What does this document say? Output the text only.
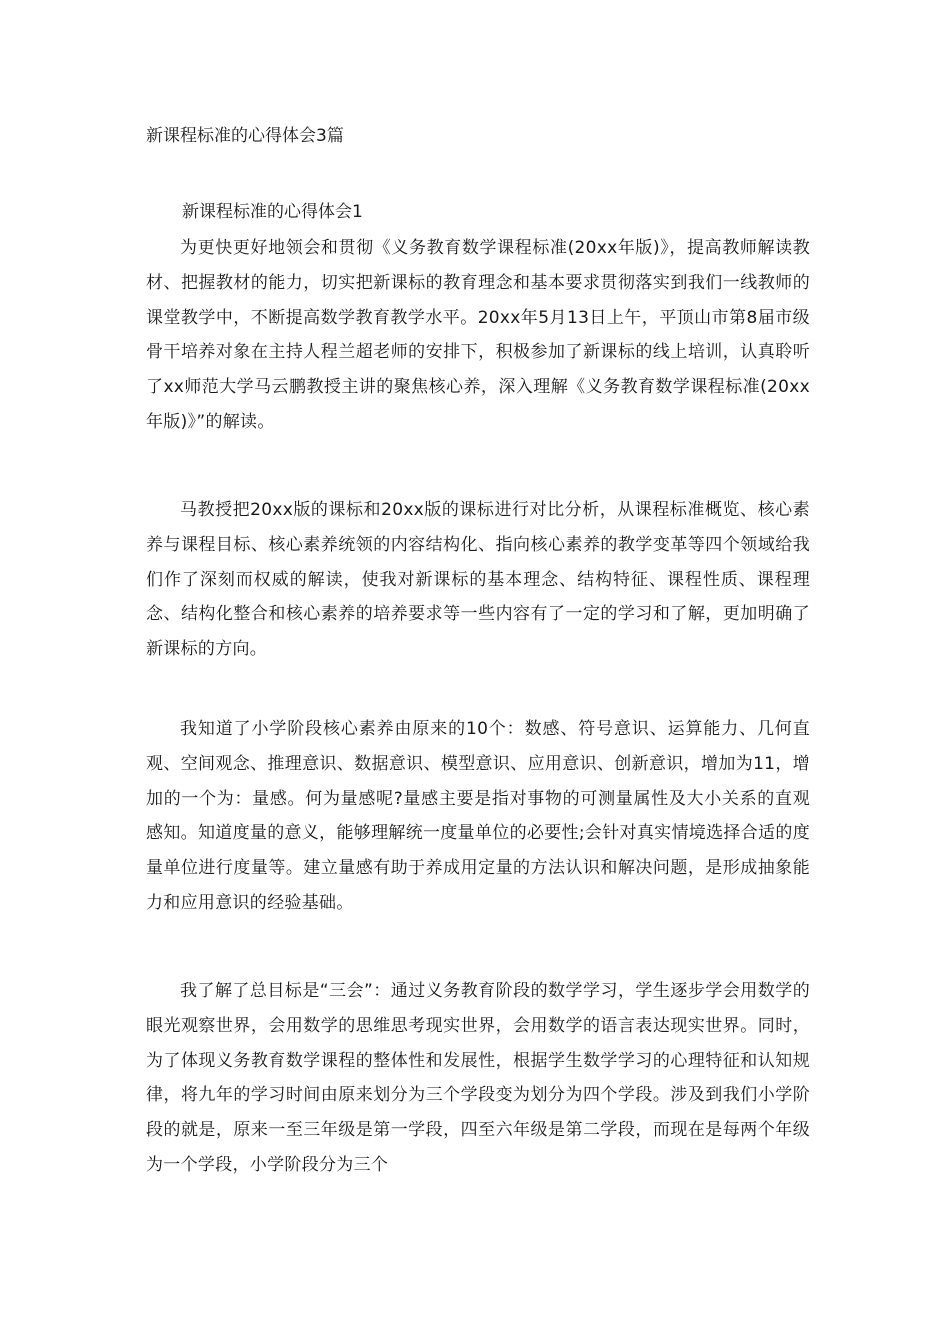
新课程标准的心得体会3篇
新课程标准的心得体会1

为更快更好地领会和贯彻《义务教育数学课程标准(20xx年版)》，提高教师解读教材、把握教材的能力，切实把新课标的教育理念和基本要求贯彻落实到我们一线教师的课堂教学中，不断提高数学教育教学水平。20xx年5月13日上午，平顶山市第8届市级骨干培养对象在主持人程兰超老师的安排下，积极参加了新课标的线上培训，认真聆听了xx师范大学马云鹏教授主讲的聚焦核心养，深入理解《义务教育数学课程标准(20xx年版)》”的解读。

马教授把20xx版的课标和20xx版的课标进行对比分析，从课程标准概览、核心素养与课程目标、核心素养统领的内容结构化、指向核心素养的教学变革等四个领域给我们作了深刻而权威的解读，使我对新课标的基本理念、结构特征、课程性质、课程理念、结构化整合和核心素养的培养要求等一些内容有了一定的学习和了解，更加明确了新课标的方向。

我知道了小学阶段核心素养由原来的10个：数感、符号意识、运算能力、几何直观、空间观念、推理意识、数据意识、模型意识、应用意识、创新意识，增加为11，增加的一个为：量感。何为量感呢?量感主要是指对事物的可测量属性及大小关系的直观感知。知道度量的意义，能够理解统一度量单位的必要性;会针对真实情境选择合适的度量单位进行度量等。建立量感有助于养成用定量的方法认识和解决问题，是形成抽象能力和应用意识的经验基础。

我了解了总目标是“三会”：通过义务教育阶段的数学学习，学生逐步学会用数学的眼光观察世界，会用数学的思维思考现实世界，会用数学的语言表达现实世界。同时，为了体现义务教育数学课程的整体性和发展性，根据学生数学学习的心理特征和认知规律，将九年的学习时间由原来划分为三个学段变为划分为四个学段。涉及到我们小学阶段的就是，原来一至三年级是第一学段，四至六年级是第二学段，而现在是每两个年级为一个学段，小学阶段分为三个
